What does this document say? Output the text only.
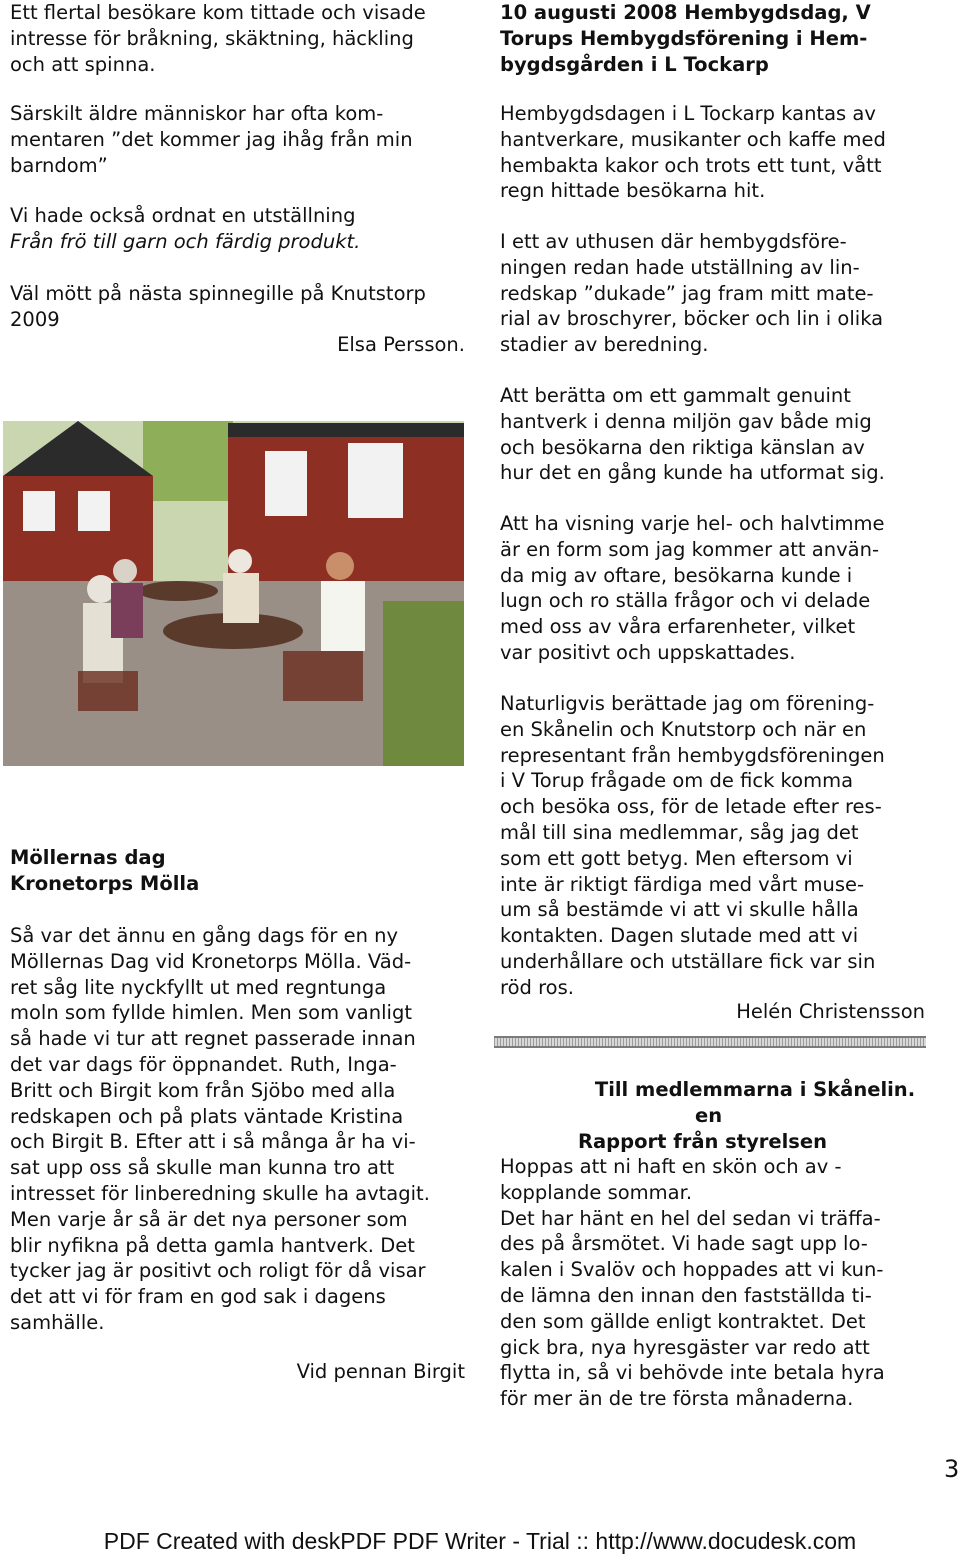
Ett flertal besökare kom tittade och visade
intresse för bråkning, skäktning, häckling
och att spinna.

Särskilt äldre människor har ofta kom-
mentaren ”det kommer jag ihåg från min
barndom”

Vi hade också ordnat en utställning

Från frö till garn och färdig produkt.

Väl mött på nästa spinnegille på Knutstorp
2009

Elsa Persson.

Möllernas dag

Kronetorps Mölla

Så var det ännu en gång dags för en ny
Möllernas Dag vid Kronetorps Mölla. Väd-
ret såg lite nyckfyllt ut med regntunga
moln som fyllde himlen. Men som vanligt
så hade vi tur att regnet passerade innan
det var dags för öppnandet. Ruth, Inga-
Britt och Birgit kom från Sjöbo med alla
redskapen och på plats väntade Kristina
och Birgit B. Efter att i så många år ha vi-
sat upp oss så skulle man kunna tro att
intresset för linberedning skulle ha avtagit.
Men varje år så är det nya personer som
blir nyfikna på detta gamla hantverk. Det
tycker jag är positivt och roligt för då visar
det att vi för fram en god sak i dagens
samhälle.

Vid pennan Birgit

10 augusti 2008 Hembygdsdag, V
Torups Hembygdsförening i Hem-
bygdsgården i L Tockarp

Hembygdsdagen i L Tockarp kantas av
hantverkare, musikanter och kaffe med
hembakta kakor och trots ett tunt, vått
regn hittade besökarna hit.

I ett av uthusen där hembygdsföre-
ningen redan hade utställning av lin-
redskap ”dukade” jag fram mitt mate-
rial av broschyrer, böcker och lin i olika
stadier av beredning.

Att berätta om ett gammalt genuint
hantverk i denna miljön gav både mig
och besökarna den riktiga känslan av
hur det en gång kunde ha utformat sig.

Att ha visning varje hel- och halvtimme
är en form som jag kommer att använ-
da mig av oftare, besökarna kunde i
lugn och ro ställa frågor och vi delade
med oss av våra erfarenheter, vilket
var positivt och uppskattades.

Naturligvis berättade jag om förening-
en Skånelin och Knutstorp och när en
representant från hembygdsföreningen
i V Torup frågade om de fick komma
och besöka oss, för de letade efter res-
mål till sina medlemmar, såg jag det
som ett gott betyg. Men eftersom vi
inte är riktigt färdiga med vårt muse-
um så bestämde vi att vi skulle hålla
kontakten. Dagen slutade med att vi
underhållare och utställare fick var sin
röd ros.

Helén Christensson

Till medlemmarna i Skånelin.

en

Rapport från styrelsen

Hoppas att ni haft en skön och av -
kopplande sommar.
Det har hänt en hel del sedan vi träffa-
des på årsmötet. Vi hade sagt upp lo-
kalen i Svalöv och hoppades att vi kun-
de lämna den innan den fastställda ti-
den som gällde enligt kontraktet. Det
gick bra, nya hyresgäster var redo att
flytta in, så vi behövde inte betala hyra
för mer än de tre första månaderna.

3
PDF Created with deskPDF PDF Writer - Trial :: http://www.docudesk.com
